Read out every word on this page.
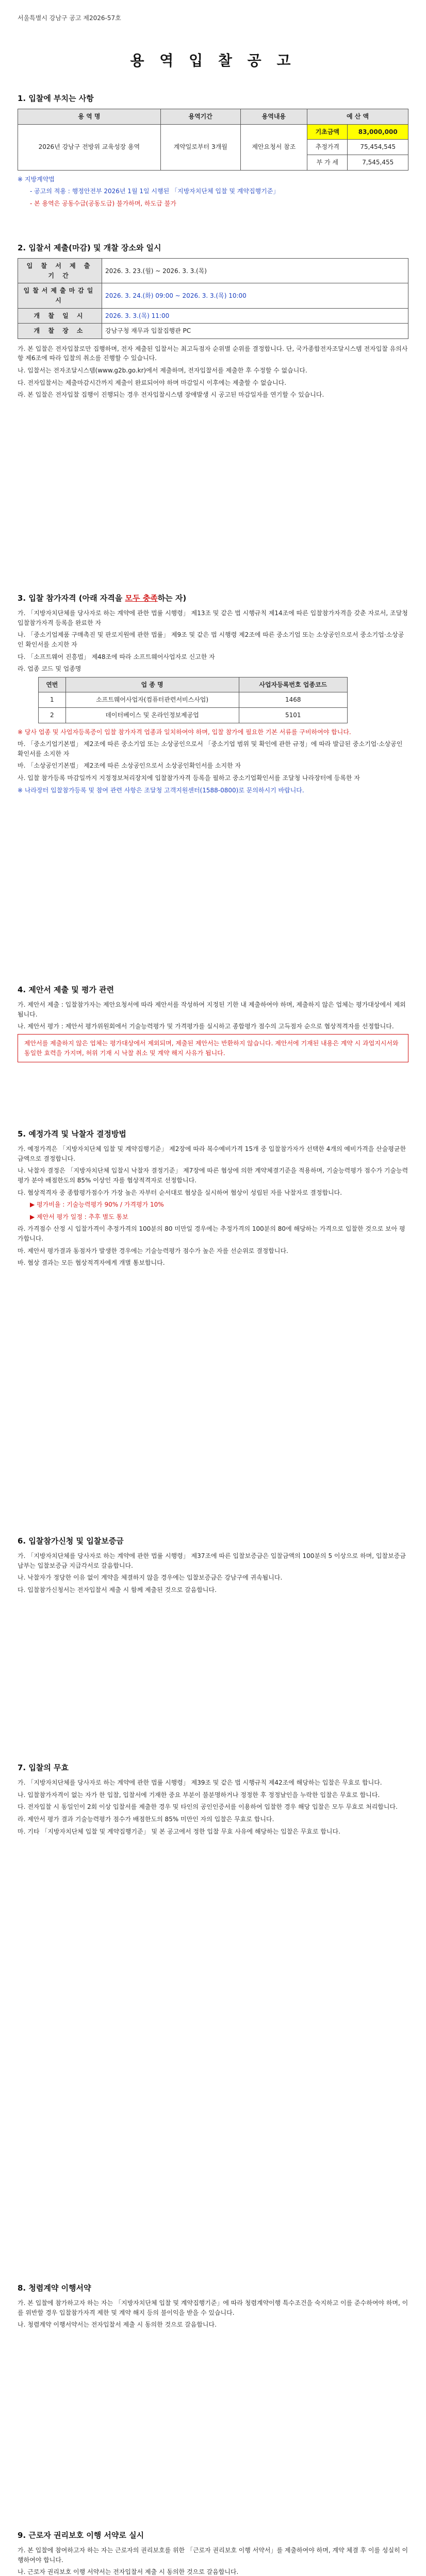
서울특별시 강남구 공고 제2026-57호
용 역 입 찰 공 고
1. 입찰에 부치는 사항
용 역 명	용역기간	용역내용	예 산 액	
2026년 강남구 전방위 교육성장 용역	계약일로부터 3개월	제안요청서 참조	기초금액	83,000,000
			추정가격	75,454,545
			부 가 세	7,545,455
※ 지방계약법
- 공고의 적용 : 행정안전부 2026년 1월 1일 시행된 「지방자치단체 입찰 및 계약집행기준」
- 본 용역은 공동수급(공동도급) 불가하며, 하도급 불가
2. 입찰서 제출(마감) 및 개찰 장소와 일시
입 찰 서 제 출 기 간	2026. 3. 23.(월) ~ 2026. 3. 3.(목)
입찰서제출마감일시	2026. 3. 24.(화) 09:00 ~ 2026. 3. 3.(목) 10:00
개 찰 일 시	2026. 3. 3.(목) 11:00
개 찰 장 소	강남구청 재무과 입찰집행관 PC
가. 본 입찰은 전자입찰로만 집행하며, 전자 제출된 입찰서는 최고득점자 순위별 순위를 결정합니다. 단, 국가종합전자조달시스템 전자입찰 유의사항 제6조에 따라 입찰의 취소를 진행할 수 있습니다.
나. 입찰서는 전자조달시스템(www.g2b.go.kr)에서 제출하며, 전자입찰서를 제출한 후 수정할 수 없습니다.
다. 전자입찰서는 제출마감시간까지 제출이 완료되어야 하며 마감일시 이후에는 제출할 수 없습니다.
라. 본 입찰은 전자입찰 집행이 진행되는 경우 전자입찰시스템 장애발생 시 공고된 마감일자를 연기할 수 있습니다.
3. 입찰 참가자격 (아래 자격을 모두 충족하는 자)
가. 「지방자치단체를 당사자로 하는 계약에 관한 법률 시행령」 제13조 및 같은 법 시행규칙 제14조에 따른 입찰참가자격을 갖춘 자로서, 조달청 입찰참가자격 등록을 완료한 자
나. 「중소기업제품 구매촉진 및 판로지원에 관한 법률」 제9조 및 같은 법 시행령 제2조에 따른 중소기업 또는 소상공인으로서 중소기업·소상공인 확인서를 소지한 자
다. 「소프트웨어 진흥법」 제48조에 따라 소프트웨어사업자로 신고한 자
라. 업종 코드 및 업종명
연번	업 종 명	사업자등록번호 업종코드
1	소프트웨어사업자(컴퓨터관련서비스사업)	1468
2	데이터베이스 및 온라인정보제공업	5101
※ 당사 업종 및 사업자등록증이 입찰 참가자격 업종과 일치하여야 하며, 입찰 참가에 필요한 기본 서류를 구비하여야 합니다.
마. 「중소기업기본법」 제2조에 따른 중소기업 또는 소상공인으로서 「중소기업 범위 및 확인에 관한 규정」에 따라 발급된 중소기업·소상공인 확인서를 소지한 자
바. 「소상공인기본법」 제2조에 따른 소상공인으로서 소상공인확인서를 소지한 자
사. 입찰 참가등록 마감일까지 지정정보처리장치에 입찰참가자격 등록을 필하고 중소기업확인서를 조달청 나라장터에 등록한 자
※ 나라장터 입찰참가등록 및 참여 관련 사항은 조달청 고객지원센터(1588-0800)로 문의하시기 바랍니다.
4. 제안서 제출 및 평가 관련
가. 제안서 제출 : 입찰참가자는 제안요청서에 따라 제안서를 작성하여 지정된 기한 내 제출하여야 하며, 제출하지 않은 업체는 평가대상에서 제외됩니다.
나. 제안서 평가 : 제안서 평가위원회에서 기술능력평가 및 가격평가를 실시하고 종합평가 점수의 고득점자 순으로 협상적격자를 선정합니다.
제안서를 제출하지 않은 업체는 평가대상에서 제외되며, 제출된 제안서는 반환하지 않습니다. 제안서에 기재된 내용은 계약 시 과업지시서와 동일한 효력을 가지며, 허위 기재 시 낙찰 취소 및 계약 해지 사유가 됩니다.
5. 예정가격 및 낙찰자 결정방법
가. 예정가격은 「지방자치단체 입찰 및 계약집행기준」 제2장에 따라 복수예비가격 15개 중 입찰참가자가 선택한 4개의 예비가격을 산술평균한 금액으로 결정합니다.
나. 낙찰자 결정은 「지방자치단체 입찰시 낙찰자 결정기준」 제7장에 따른 협상에 의한 계약체결기준을 적용하며, 기술능력평가 점수가 기술능력평가 분야 배점한도의 85% 이상인 자를 협상적격자로 선정합니다.
다. 협상적격자 중 종합평가점수가 가장 높은 자부터 순서대로 협상을 실시하여 협상이 성립된 자를 낙찰자로 결정합니다.
▶ 평가비율 : 기술능력평가 90% / 가격평가 10%
▶ 제안서 평가 일정 : 추후 별도 통보
라. 가격점수 산정 시 입찰가격이 추정가격의 100분의 80 미만일 경우에는 추정가격의 100분의 80에 해당하는 가격으로 입찰한 것으로 보아 평가합니다.
마. 제안서 평가결과 동점자가 발생한 경우에는 기술능력평가 점수가 높은 자를 선순위로 결정합니다.
바. 협상 결과는 모든 협상적격자에게 개별 통보합니다.
6. 입찰참가신청 및 입찰보증금
가. 「지방자치단체를 당사자로 하는 계약에 관한 법률 시행령」 제37조에 따른 입찰보증금은 입찰금액의 100분의 5 이상으로 하며, 입찰보증금 납부는 입찰보증금 지급각서로 갈음합니다.
나. 낙찰자가 정당한 이유 없이 계약을 체결하지 않을 경우에는 입찰보증금은 강남구에 귀속됩니다.
다. 입찰참가신청서는 전자입찰서 제출 시 함께 제출된 것으로 갈음합니다.
7. 입찰의 무효
가. 「지방자치단체를 당사자로 하는 계약에 관한 법률 시행령」 제39조 및 같은 법 시행규칙 제42조에 해당하는 입찰은 무효로 합니다.
나. 입찰참가자격이 없는 자가 한 입찰, 입찰서에 기재한 중요 부분이 불분명하거나 정정한 후 정정날인을 누락한 입찰은 무효로 합니다.
다. 전자입찰 시 동일인이 2회 이상 입찰서를 제출한 경우 및 타인의 공인인증서를 이용하여 입찰한 경우 해당 입찰은 모두 무효로 처리합니다.
라. 제안서 평가 결과 기술능력평가 점수가 배점한도의 85% 미만인 자의 입찰은 무효로 합니다.
마. 기타 「지방자치단체 입찰 및 계약집행기준」 및 본 공고에서 정한 입찰 무효 사유에 해당하는 입찰은 무효로 합니다.
8. 청렴계약 이행서약
가. 본 입찰에 참가하고자 하는 자는 「지방자치단체 입찰 및 계약집행기준」에 따라 청렴계약이행 특수조건을 숙지하고 이를 준수하여야 하며, 이를 위반할 경우 입찰참가자격 제한 및 계약 해지 등의 불이익을 받을 수 있습니다.
나. 청렴계약 이행서약서는 전자입찰서 제출 시 동의한 것으로 갈음합니다.
9. 근로자 권리보호 이행 서약로 실시
가. 본 입찰에 참여하고자 하는 자는 근로자의 권리보호를 위한 「근로자 권리보호 이행 서약서」를 제출하여야 하며, 계약 체결 후 이를 성실히 이행하여야 합니다.
나. 근로자 권리보호 이행 서약서는 전자입찰서 제출 시 동의한 것으로 갈음합니다.
